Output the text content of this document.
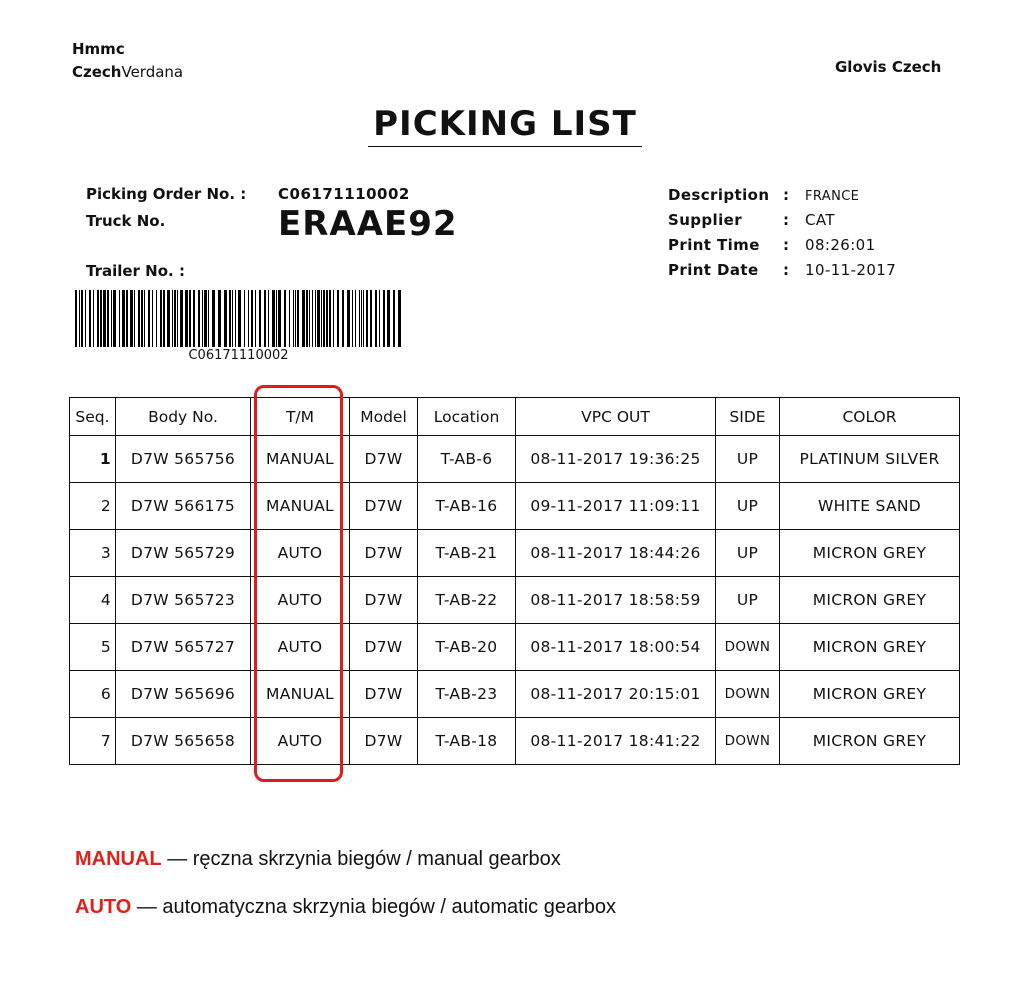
Hmmc
CzechVerdana	Glovis Czech
PICKING LIST
Picking Order No. : C06171110002
Truck No.	ERAAE92
Trailer No. :
C06171110002
Description :	FRANCE
Supplier	:	CAT
Print Time	:	08:26:01
Print Date	:	10-11-2017
Seq.	Body No.	T/M	Model	Location	VPC OUT	SIDE	COLOR
1	D7W 565756	MANUAL	D7W	T-AB-6	08-11-2017 19:36:25	UP	PLATINUM SILVER
2	D7W 566175	MANUAL	D7W	T-AB-16	09-11-2017 11:09:11	UP	WHITE SAND
3	D7W 565729	AUTO	D7W	T-AB-21	08-11-2017 18:44:26	UP	MICRON GREY
4	D7W 565723	AUTO	D7W	T-AB-22	08-11-2017 18:58:59	UP	MICRON GREY
5	D7W 565727	AUTO	D7W	T-AB-20	08-11-2017 18:00:54	DOWN	MICRON GREY
6	D7W 565696	MANUAL	D7W	T-AB-23	08-11-2017 20:15:01	DOWN	MICRON GREY
7	D7W 565658	AUTO	D7W	T-AB-18	08-11-2017 18:41:22	DOWN	MICRON GREY
MANUAL — ręczna skrzynia biegów / manual gearbox
AUTO — automatyczna skrzynia biegów / automatic gearbox
